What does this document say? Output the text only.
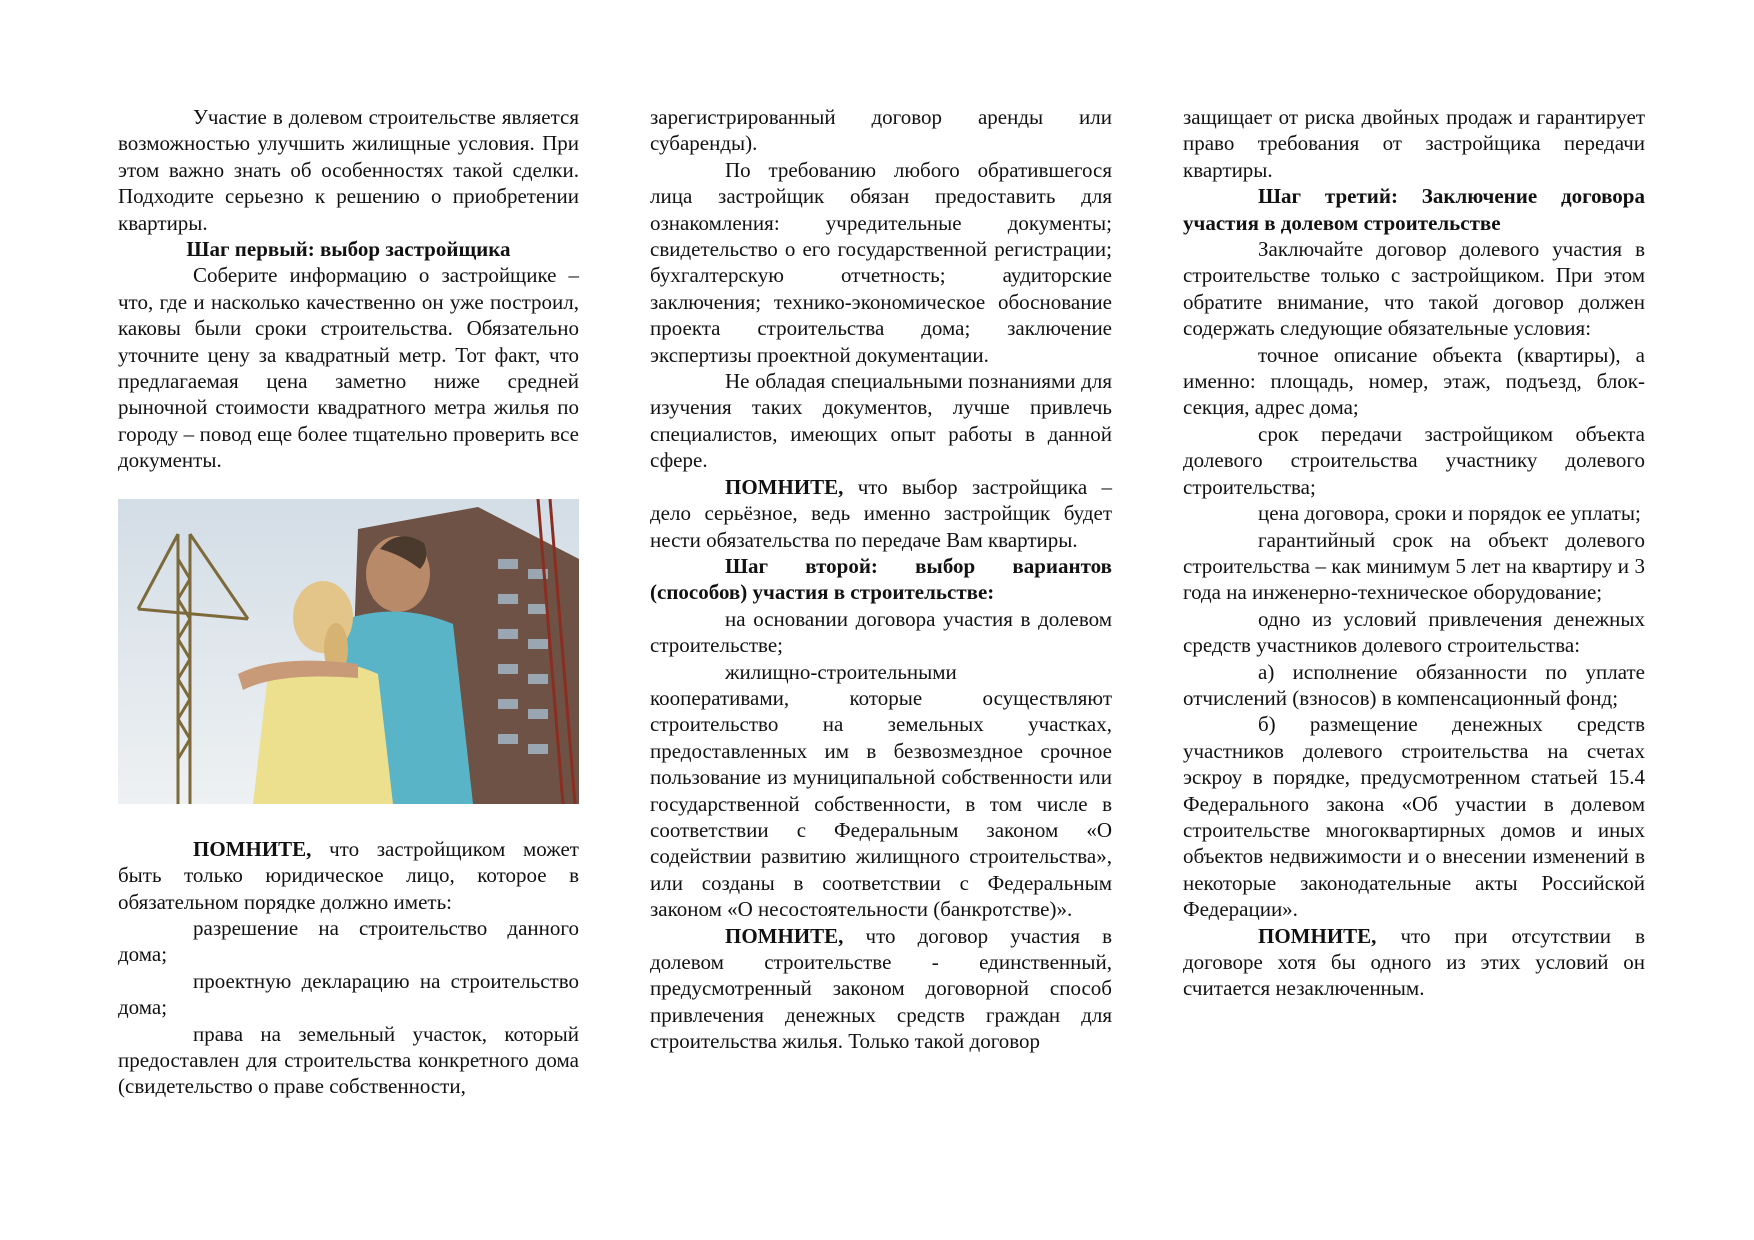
Участие в долевом строительстве является возможностью улучшить жилищные условия. При этом важно знать об особенностях такой сделки. Подходите серьезно к решению о приобретении квартиры.

Шаг первый: выбор застройщика

Соберите информацию о застройщике – что, где и насколько качественно он уже построил, каковы были сроки строительства. Обязательно уточните цену за квадратный метр. Тот факт, что предлагаемая цена заметно ниже средней рыночной стоимости квадратного метра жилья по городу – повод еще более тщательно проверить все документы.

ПОМНИТЕ, что застройщиком может быть только юридическое лицо, которое в обязательном порядке должно иметь:

разрешение на строительство данного дома;

проектную декларацию на строительство дома;

права на земельный участок, который предоставлен для строительства конкретного дома (свидетельство о праве собственности,

зарегистрированный договор аренды или субаренды).

По требованию любого обратившегося лица застройщик обязан предоставить для ознакомления: учредительные документы; свидетельство о его государственной регистрации; бухгалтерскую отчетность; аудиторские заключения; технико-экономическое обоснование проекта строительства дома; заключение экспертизы проектной документации.

Не обладая специальными познаниями для изучения таких документов, лучше привлечь специалистов, имеющих опыт работы в данной сфере.

ПОМНИТЕ, что выбор застройщика – дело серьёзное, ведь именно застройщик будет нести обязательства по передаче Вам квартиры.

Шаг второй: выбор вариантов (способов) участия в строительстве:

на основании договора участия в долевом строительстве;

жилищно-строительными

кооперативами, которые осуществляют строительство на земельных участках, предоставленных им в безвозмездное срочное пользование из муниципальной собственности или государственной собственности, в том числе в соответствии с Федеральным законом «О содействии развитию жилищного строительства», или созданы в соответствии с Федеральным законом «О несостоятельности (банкротстве)».

ПОМНИТЕ, что договор участия в долевом строительстве - единственный, предусмотренный законом договорной способ привлечения денежных средств граждан для строительства жилья. Только такой договор

защищает от риска двойных продаж и гарантирует право требования от застройщика передачи квартиры.

Шаг третий: Заключение договора участия в долевом строительстве

Заключайте договор долевого участия в строительстве только с застройщиком. При этом обратите внимание, что такой договор должен содержать следующие обязательные условия:

точное описание объекта (квартиры), а именно: площадь, номер, этаж, подъезд, блок-секция, адрес дома;

срок передачи застройщиком объекта долевого строительства участнику долевого строительства;

цена договора, сроки и порядок ее уплаты;

гарантийный срок на объект долевого строительства – как минимум 5 лет на квартиру и 3 года на инженерно-техническое оборудование;

одно из условий привлечения денежных средств участников долевого строительства:

а) исполнение обязанности по уплате отчислений (взносов) в компенсационный фонд;

б) размещение денежных средств участников долевого строительства на счетах эскроу в порядке, предусмотренном статьей 15.4 Федерального закона «Об участии в долевом строительстве многоквартирных домов и иных объектов недвижимости и о внесении изменений в некоторые законодательные акты Российской Федерации».

ПОМНИТЕ, что при отсутствии в договоре хотя бы одного из этих условий он считается незаключенным.
